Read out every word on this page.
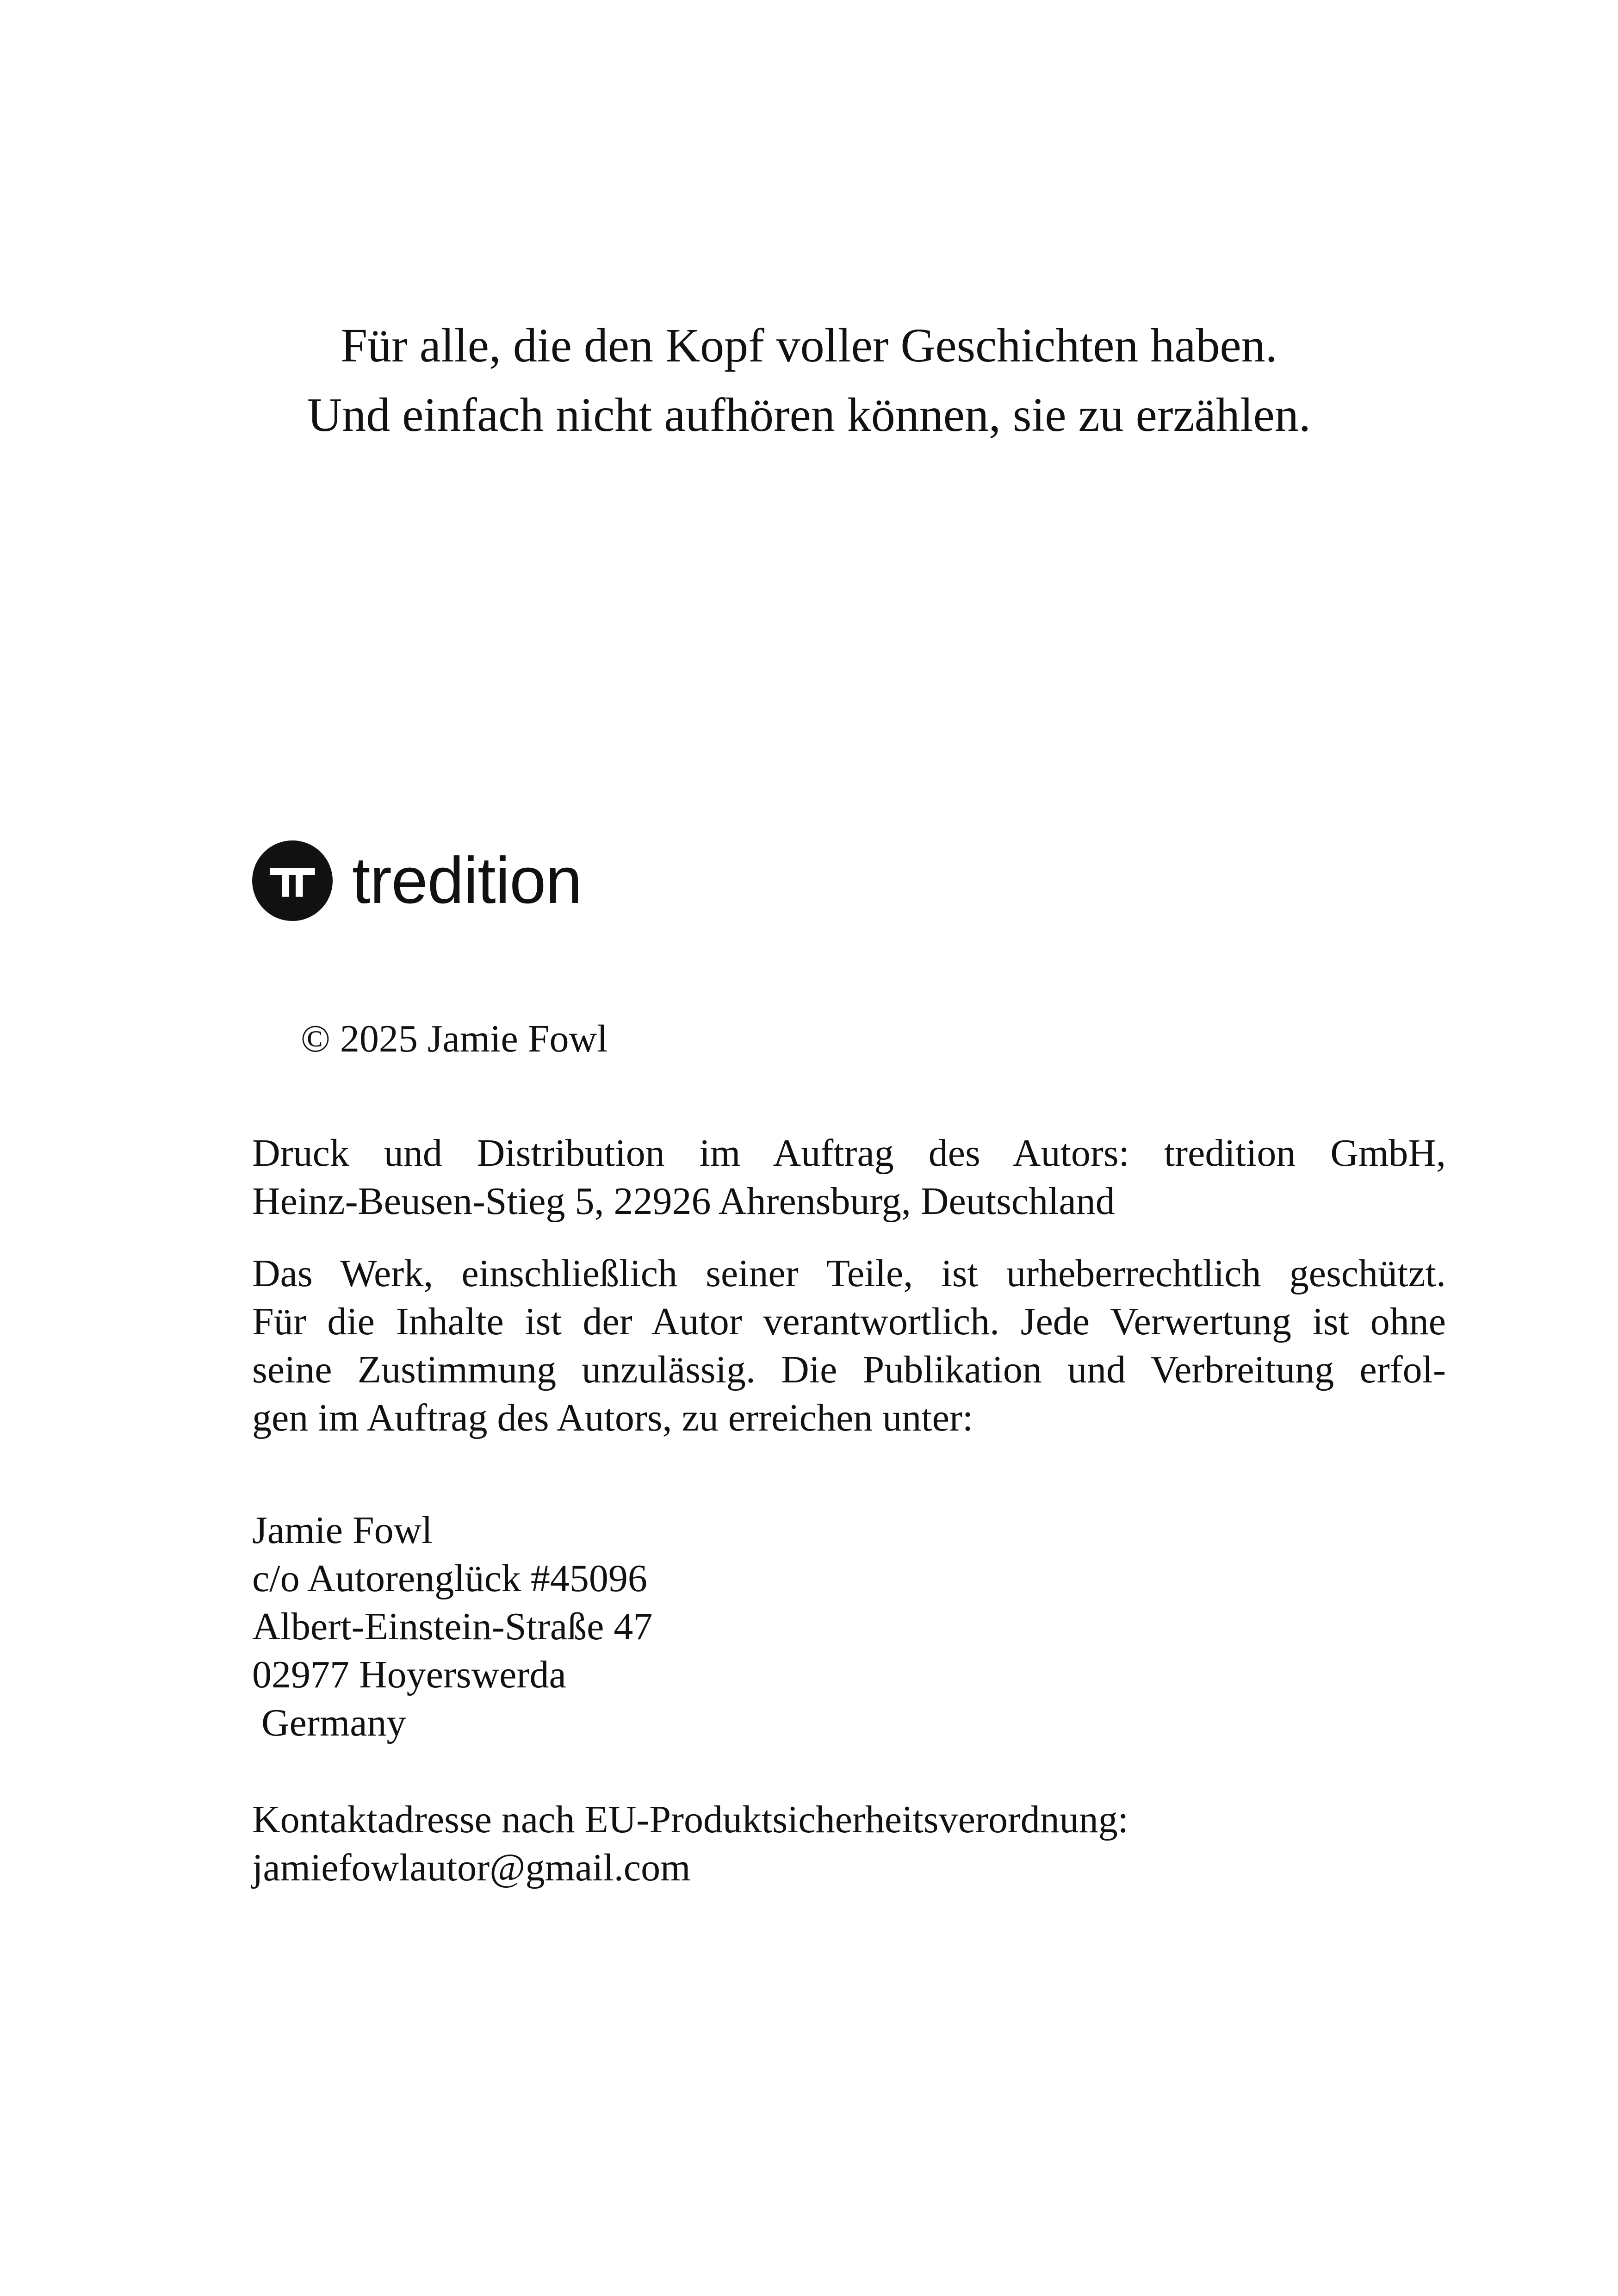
Für alle, die den Kopf voller Geschichten haben.
Und einfach nicht aufhören können, sie zu erzählen.
tredition
© 2025 Jamie Fowl
Druck und Distribution im Auftrag des Autors: tredition GmbH,
Heinz-Beusen-Stieg 5, 22926 Ahrensburg, Deutschland
Das Werk, einschließlich seiner Teile, ist urheberrechtlich geschützt.
Für die Inhalte ist der Autor verantwortlich. Jede Verwertung ist ohne
seine Zustimmung unzulässig. Die Publikation und Verbreitung erfol-
gen im Auftrag des Autors, zu erreichen unter:
Jamie Fowl
c/o Autorenglück #45096
Albert-Einstein-Straße 47
02977 Hoyerswerda
Germany
Kontaktadresse nach EU-Produktsicherheitsverordnung:
jamiefowlautor@gmail.com
